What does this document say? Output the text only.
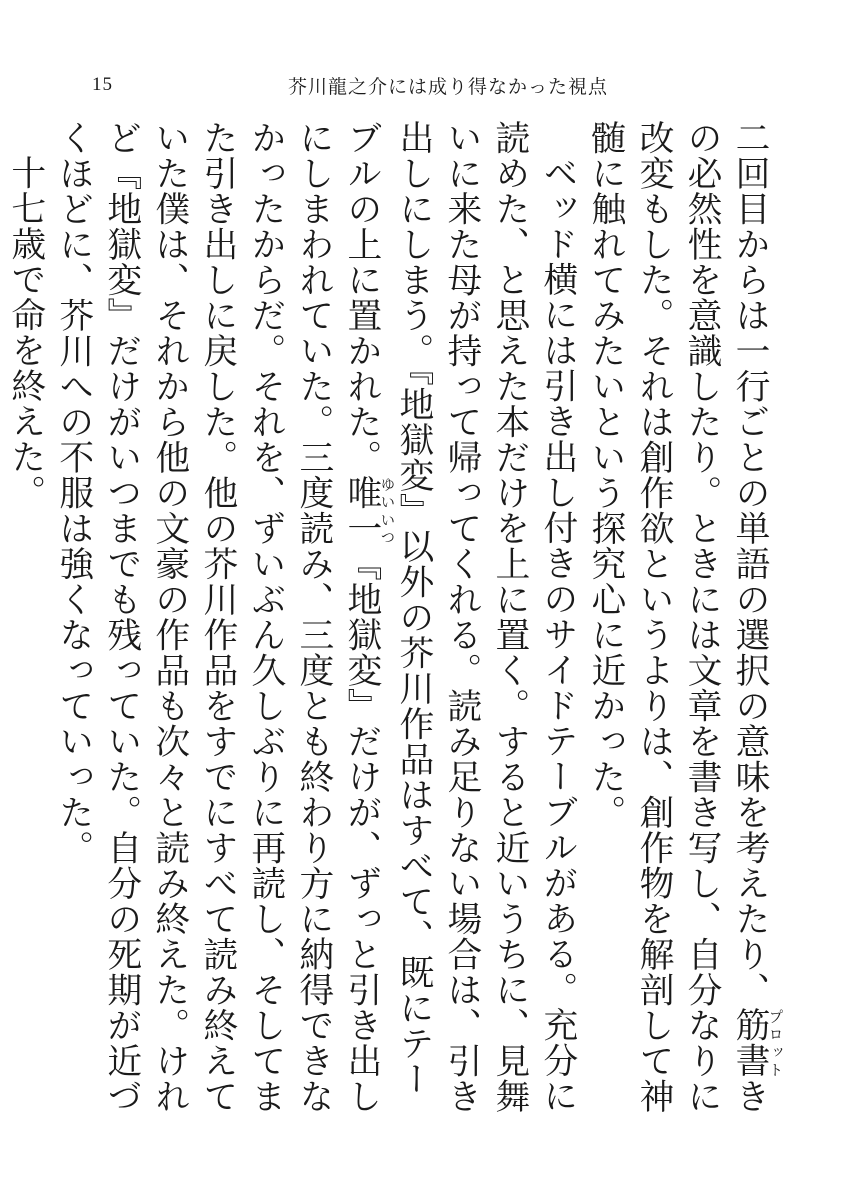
15	芥川龍之介には成り得なかった視点

二回目からは一行ごとの単語の選択の意味を考えたり、筋書プロットきの必然性を意識したり。ときには文章を書き写し、自分なりに改変もした。それは創作欲というよりは、創作物を解剖して神髄に触れてみたいという探究心に近かった。

ベッド横には引き出し付きのサイドテーブルがある。充分に読めた、と思えた本だけを上に置く。すると近いうちに、見舞いに来た母が持って帰ってくれる。読み足りない場合は、引き出しにしまう。『地獄変』以外の芥川作品はすべて、既にテーブルの上に置かれた。唯一ゆいいつ『地獄変』だけが、ずっと引き出しにしまわれていた。三度読み、三度とも終わり方に納得できなかったからだ。それを、ずいぶん久しぶりに再読し、そしてまた引き出しに戻した。他の芥川作品をすでにすべて読み終えていた僕は、それから他の文豪の作品も次々と読み終えた。けれど『地獄変』だけがいつまでも残っていた。自分の死期が近づくほどに、芥川への不服は強くなっていった。

十七歳で命を終えた。
